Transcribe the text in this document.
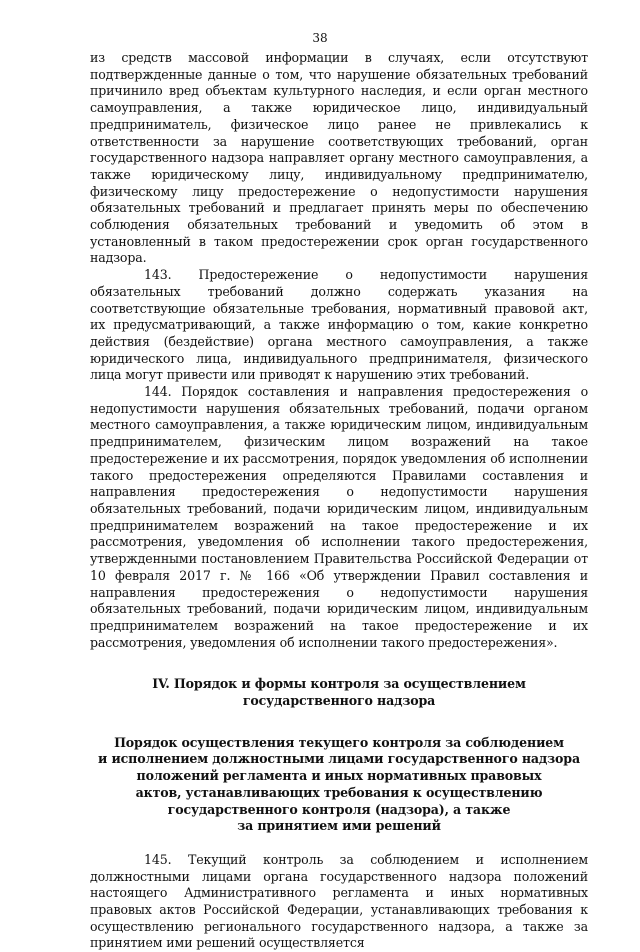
38

из средств массовой информации в случаях, если отсутствуют подтвержденные данные о том, что нарушение обязательных требований причинило вред объектам культурного наследия, и если орган местного самоуправления, а также юридическое лицо, индивидуальный предприниматель, физическое лицо ранее не привлекались к ответственности за нарушение соответствующих требований, орган государственного надзора направляет органу местного самоуправления, а также юридическому лицу, индивидуальному предпринимателю, физическому лицу предостережение о недопустимости нарушения обязательных требований и предлагает принять меры по обеспечению соблюдения обязательных требований и уведомить об этом в установленный в таком предостережении срок орган государственного надзора.

143. Предостережение о недопустимости нарушения обязательных требований должно содержать указания на соответствующие обязательные требования, нормативный правовой акт, их предусматривающий, а также информацию о том, какие конкретно действия (бездействие) органа местного самоуправления, а также юридического лица, индивидуального предпринимателя, физического лица могут привести или приводят к нарушению этих требований.

144. Порядок составления и направления предостережения о недопустимости нарушения обязательных требований, подачи органом местного самоуправления, а также юридическим лицом, индивидуальным предпринимателем, физическим лицом возражений на такое предостережение и их рассмотрения, порядок уведомления об исполнении такого предостережения определяются Правилами составления и направления предостережения о недопустимости нарушения обязательных требований, подачи юридическим лицом, индивидуальным предпринимателем возражений на такое предостережение и их рассмотрения, уведомления об исполнении такого предостережения, утвержденными постановлением Правительства Российской Федерации от 10 февраля 2017 г. № 166 «Об утверждении Правил составления и направления предостережения о недопустимости нарушения обязательных требований, подачи юридическим лицом, индивидуальным предпринимателем возражений на такое предостережение и их рассмотрения, уведомления об исполнении такого предостережения».

IV. Порядок и формы контроля за осуществлением
государственного надзора
Порядок осуществления текущего контроля за соблюдением
и исполнением должностными лицами государственного надзора
положений регламента и иных нормативных правовых
актов, устанавливающих требования к осуществлению
государственного контроля (надзора), а также
за принятием ими решений

145. Текущий контроль за соблюдением и исполнением должностными лицами органа государственного надзора положений настоящего Административного регламента и иных нормативных правовых актов Российской Федерации, устанавливающих требования к осуществлению регионального государственного надзора, а также за принятием ими решений осуществляется
